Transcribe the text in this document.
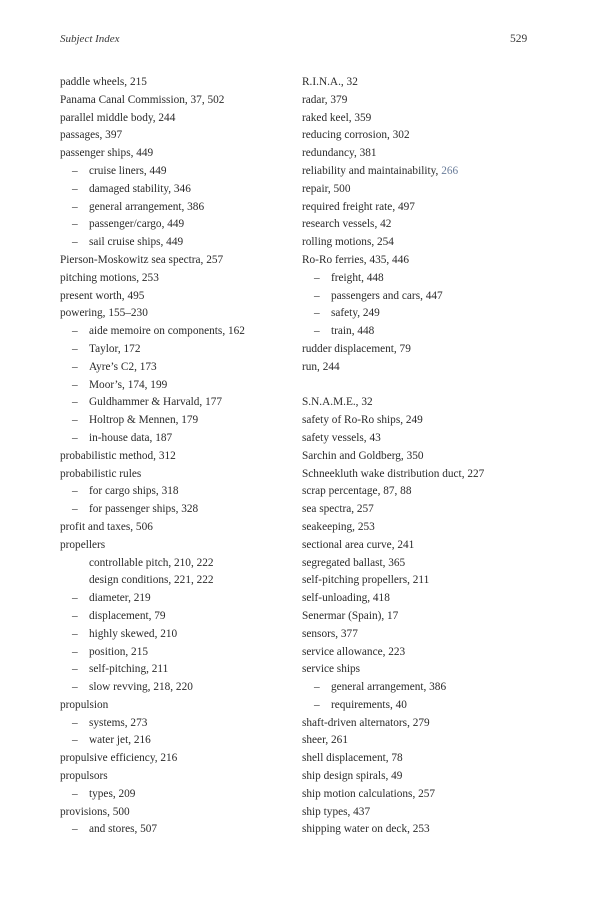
Subject Index	529
paddle wheels, 215
Panama Canal Commission, 37, 502
parallel middle body, 244
passages, 397
passenger ships, 449
– cruise liners, 449
– damaged stability, 346
– general arrangement, 386
– passenger/cargo, 449
– sail cruise ships, 449
Pierson-Moskowitz sea spectra, 257
pitching motions, 253
present worth, 495
powering, 155–230
– aide memoire on components, 162
– Taylor, 172
– Ayre’s C2, 173
– Moor’s, 174, 199
– Guldhammer & Harvald, 177
– Holtrop & Mennen, 179
– in-house data, 187
probabilistic method, 312
probabilistic rules
– for cargo ships, 318
– for passenger ships, 328
profit and taxes, 506
propellers
controllable pitch, 210, 222
design conditions, 221, 222
– diameter, 219
– displacement, 79
– highly skewed, 210
– position, 215
– self-pitching, 211
– slow revving, 218, 220
propulsion
– systems, 273
– water jet, 216
propulsive efficiency, 216
propulsors
– types, 209
provisions, 500
– and stores, 507
R.I.N.A., 32
radar, 379
raked keel, 359
reducing corrosion, 302
redundancy, 381
reliability and maintainability, 266
repair, 500
required freight rate, 497
research vessels, 42
rolling motions, 254
Ro-Ro ferries, 435, 446
– freight, 448
– passengers and cars, 447
– safety, 249
– train, 448
rudder displacement, 79
run, 244
S.N.A.M.E., 32
safety of Ro-Ro ships, 249
safety vessels, 43
Sarchin and Goldberg, 350
Schneekluth wake distribution duct, 227
scrap percentage, 87, 88
sea spectra, 257
seakeeping, 253
sectional area curve, 241
segregated ballast, 365
self-pitching propellers, 211
self-unloading, 418
Senermar (Spain), 17
sensors, 377
service allowance, 223
service ships
– general arrangement, 386
– requirements, 40
shaft-driven alternators, 279
sheer, 261
shell displacement, 78
ship design spirals, 49
ship motion calculations, 257
ship types, 437
shipping water on deck, 253
